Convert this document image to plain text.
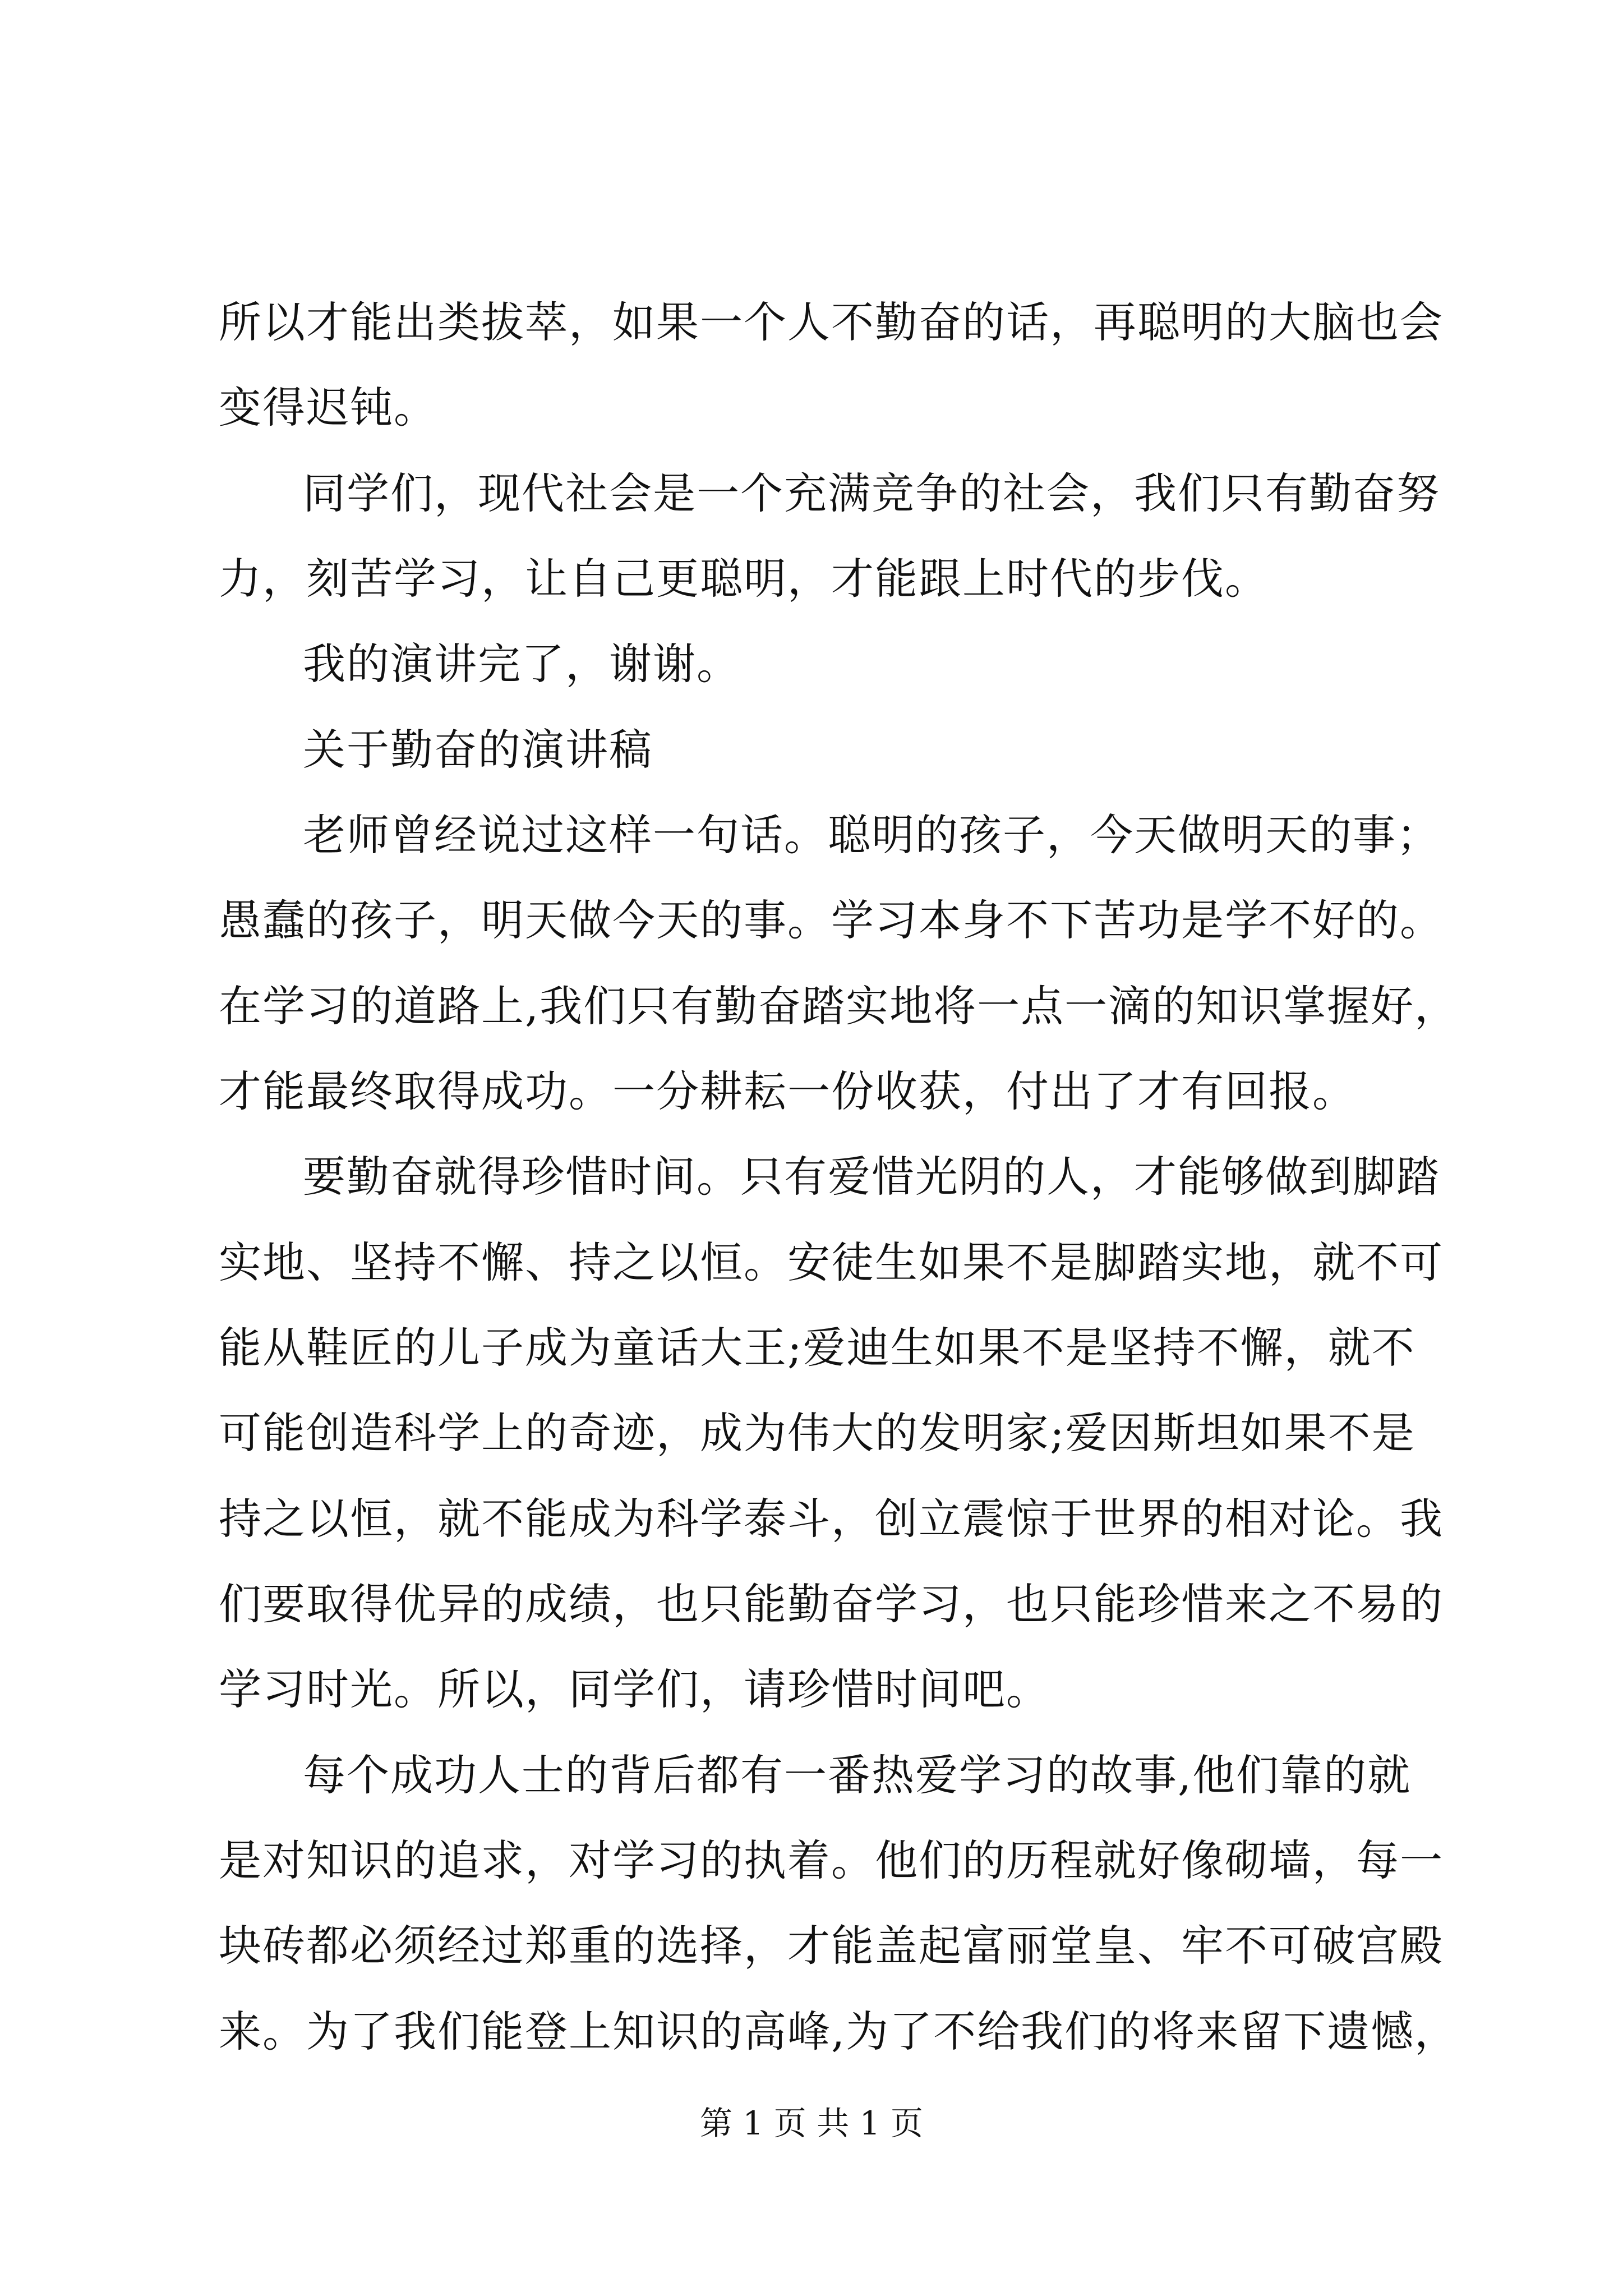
所以才能出类拔萃，如果一个人不勤奋的话，再聪明的大脑也会
变得迟钝。
同学们，现代社会是一个充满竞争的社会，我们只有勤奋努
力，刻苦学习，让自己更聪明，才能跟上时代的步伐。
我的演讲完了，谢谢。
关于勤奋的演讲稿
老师曾经说过这样一句话。聪明的孩子，今天做明天的事；
愚蠢的孩子，明天做今天的事。学习本身不下苦功是学不好的。
在学习的道路上,我们只有勤奋踏实地将一点一滴的知识掌握好，
才能最终取得成功。一分耕耘一份收获，付出了才有回报。
要勤奋就得珍惜时间。只有爱惜光阴的人，才能够做到脚踏
实地、坚持不懈、持之以恒。安徒生如果不是脚踏实地，就不可
能从鞋匠的儿子成为童话大王;爱迪生如果不是坚持不懈，就不
可能创造科学上的奇迹，成为伟大的发明家;爱因斯坦如果不是
持之以恒，就不能成为科学泰斗，创立震惊于世界的相对论。我
们要取得优异的成绩，也只能勤奋学习，也只能珍惜来之不易的
学习时光。所以，同学们，请珍惜时间吧。
每个成功人士的背后都有一番热爱学习的故事,他们靠的就
是对知识的追求，对学习的执着。他们的历程就好像砌墙，每一
块砖都必须经过郑重的选择，才能盖起富丽堂皇、牢不可破宫殿
来。为了我们能登上知识的高峰,为了不给我们的将来留下遗憾，
第 1 页 共 1 页
